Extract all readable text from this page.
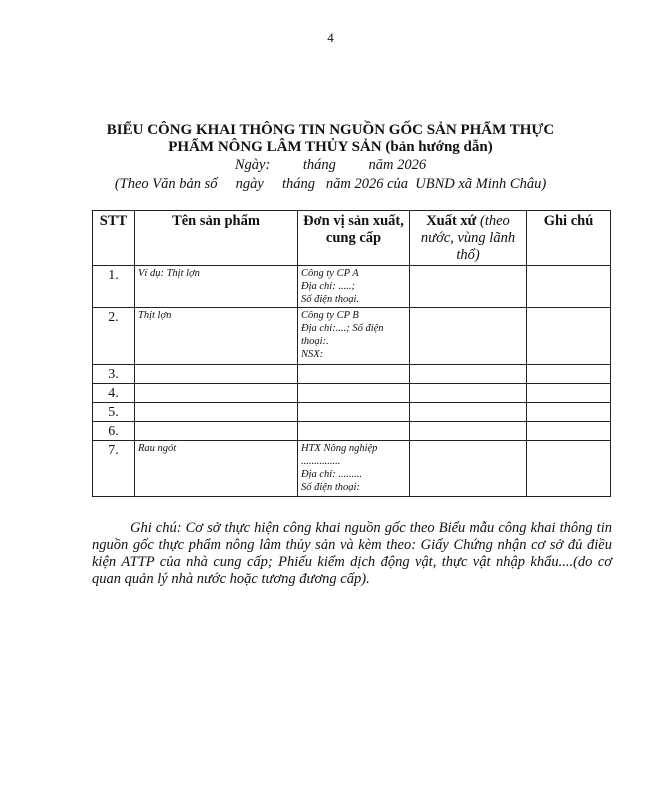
4
BIỂU CÔNG KHAI THÔNG TIN NGUỒN GỐC SẢN PHẨM THỰC
PHẨM NÔNG LÂM THỦY SẢN (bản hướng dẫn)
Ngày:         tháng         năm 2026
(Theo Văn bản số     ngày     tháng   năm 2026 của  UBND xã Minh Châu)
STT	Tên sản phẩm	Đơn vị sản xuất, cung cấp	Xuất xứ (theo nước, vùng lãnh thổ)	Ghi chú
1.	Ví dụ: Thịt lợn	Công ty CP A
Địa chỉ: .....;
Số điện thoại.		

2.	Thịt lợn	Công ty CP B
Địa chỉ:....; Số điện thoại:.
NSX:		

3.				
4.				
5.				
6.				
7.	Rau ngót	HTX Nông nghiệp
...............
Địa chỉ: .........
Số điện thoại:		

Ghi chú: Cơ sở thực hiện công khai nguồn gốc theo Biểu mẫu công khai thông tin nguồn gốc thực phẩm nông lâm thủy sản và kèm theo: Giấy Chứng nhận cơ sở đủ điều kiện ATTP của nhà cung cấp; Phiếu kiểm dịch động vật, thực vật nhập khẩu....(do cơ quan quản lý nhà nước hoặc tương đương cấp).
